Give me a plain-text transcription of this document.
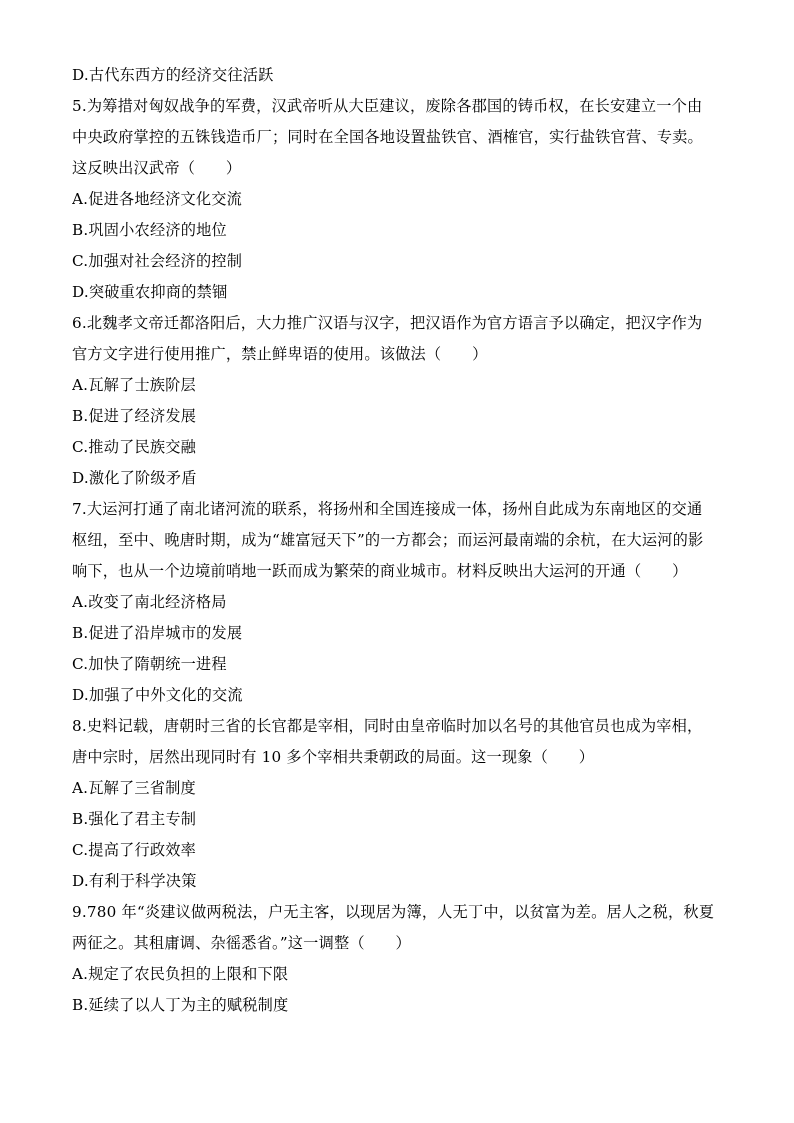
D.古代东西方的经济交往活跃
5.为筹措对匈奴战争的军费，汉武帝听从大臣建议，废除各郡国的铸币权，在长安建立一个由
中央政府掌控的五铢钱造币厂；同时在全国各地设置盐铁官、酒榷官，实行盐铁官营、专卖。
这反映出汉武帝（　　）
A.促进各地经济文化交流
B.巩固小农经济的地位
C.加强对社会经济的控制
D.突破重农抑商的禁锢
6.北魏孝文帝迁都洛阳后，大力推广汉语与汉字，把汉语作为官方语言予以确定，把汉字作为
官方文字进行使用推广，禁止鲜卑语的使用。该做法（　　）
A.瓦解了士族阶层
B.促进了经济发展
C.推动了民族交融
D.激化了阶级矛盾
7.大运河打通了南北诸河流的联系，将扬州和全国连接成一体，扬州自此成为东南地区的交通
枢纽，至中、晚唐时期，成为“雄富冠天下”的一方都会；而运河最南端的余杭，在大运河的影
响下，也从一个边境前哨地一跃而成为繁荣的商业城市。材料反映出大运河的开通（　　）
A.改变了南北经济格局
B.促进了沿岸城市的发展
C.加快了隋朝统一进程
D.加强了中外文化的交流
8.史料记载，唐朝时三省的长官都是宰相，同时由皇帝临时加以名号的其他官员也成为宰相，
唐中宗时，居然出现同时有 10 多个宰相共秉朝政的局面。这一现象（　　）
A.瓦解了三省制度
B.强化了君主专制
C.提高了行政效率
D.有利于科学决策
9.780 年“炎建议做两税法，户无主客，以现居为簿，人无丁中，以贫富为差。居人之税，秋夏
两征之。其租庸调、杂徭悉省。”这一调整（　　）
A.规定了农民负担的上限和下限
B.延续了以人丁为主的赋税制度
